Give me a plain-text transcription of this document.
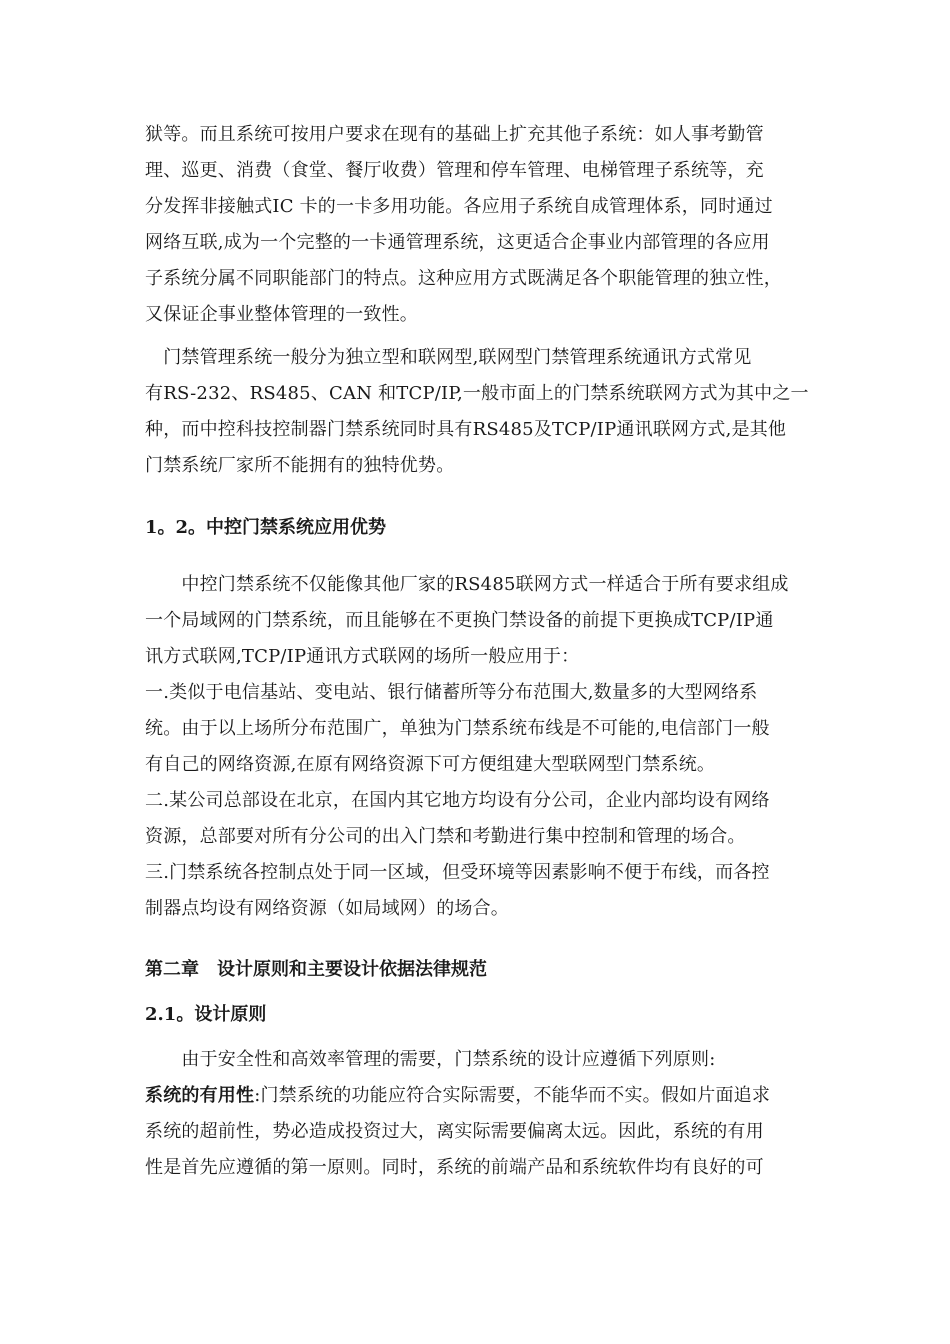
狱等。而且系统可按用户要求在现有的基础上扩充其他子系统：如人事考勤管
理、巡更、消费（食堂、餐厅收费）管理和停车管理、电梯管理子系统等，充
分发挥非接触式IC 卡的一卡多用功能。各应用子系统自成管理体系，同时通过
网络互联,成为一个完整的一卡通管理系统，这更适合企事业内部管理的各应用
子系统分属不同职能部门的特点。这种应用方式既满足各个职能管理的独立性，
又保证企事业整体管理的一致性。
　门禁管理系统一般分为独立型和联网型,联网型门禁管理系统通讯方式常见
有RS-232、RS485、CAN 和TCP/IP,一般市面上的门禁系统联网方式为其中之一
种，而中控科技控制器门禁系统同时具有RS485及TCP/IP通讯联网方式,是其他
门禁系统厂家所不能拥有的独特优势。
1。2。中控门禁系统应用优势
　　中控门禁系统不仅能像其他厂家的RS485联网方式一样适合于所有要求组成
一个局域网的门禁系统，而且能够在不更换门禁设备的前提下更换成TCP/IP通
讯方式联网,TCP/IP通讯方式联网的场所一般应用于：
一.类似于电信基站、变电站、银行储蓄所等分布范围大,数量多的大型网络系
统。由于以上场所分布范围广，单独为门禁系统布线是不可能的,电信部门一般
有自己的网络资源,在原有网络资源下可方便组建大型联网型门禁系统。
二.某公司总部设在北京，在国内其它地方均设有分公司，企业内部均设有网络
资源，总部要对所有分公司的出入门禁和考勤进行集中控制和管理的场合。
三.门禁系统各控制点处于同一区域，但受环境等因素影响不便于布线，而各控
制器点均设有网络资源（如局域网）的场合。
第二章　设计原则和主要设计依据法律规范
2.1。设计原则
　　由于安全性和高效率管理的需要，门禁系统的设计应遵循下列原则:
系统的有用性:门禁系统的功能应符合实际需要，不能华而不实。假如片面追求
系统的超前性，势必造成投资过大，离实际需要偏离太远。因此，系统的有用
性是首先应遵循的第一原则。同时，系统的前端产品和系统软件均有良好的可
